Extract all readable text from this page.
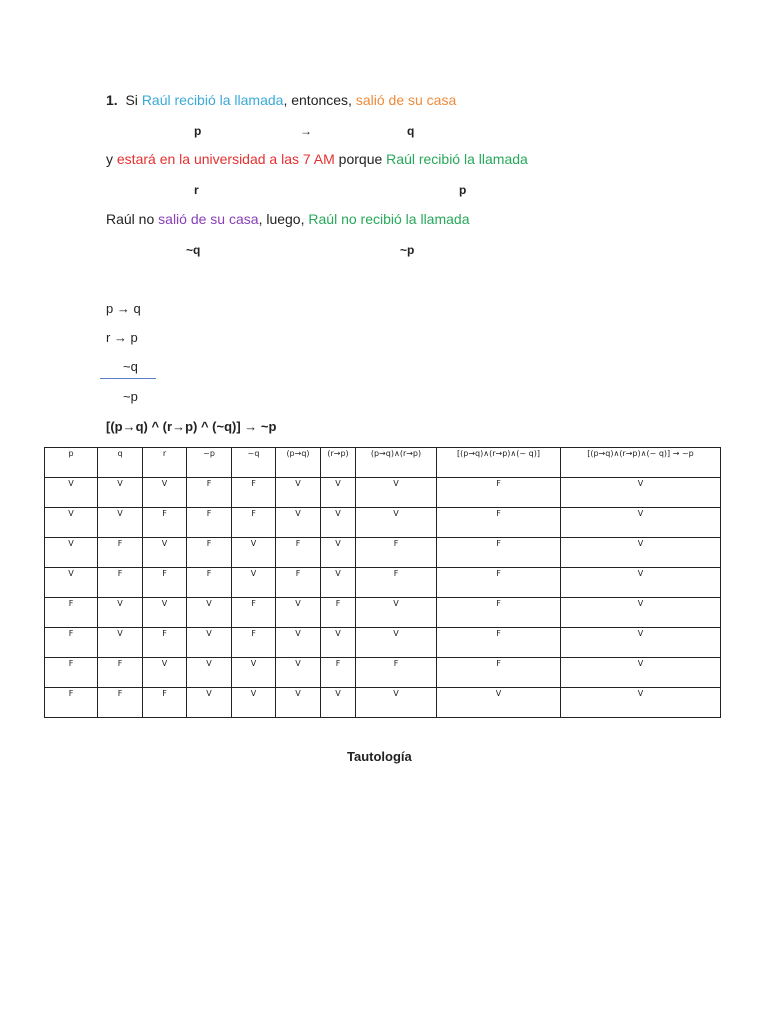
1. Si Raúl recibió la llamada, entonces, salió de su casa
p	→	q
y estará en la universidad a las 7 AM porque Raúl recibió la llamada
r	p
Raúl no salió de su casa, luego, Raúl no recibió la llamada
~q	~p
p → q
r → p
~q
~p
[(p→q) ^ (r→p) ^ (~q)] → ~p
p	q	r	~p	~q	(p→q)	(r→p)	(p→q)∧(r→p)	[(p→q)∧(r→p)∧(~ q)]	[(p→q)∧(r→p)∧(~ q)] → ~p
V	V	V	F	F	V	V	V	F	V
V	V	F	F	F	V	V	V	F	V
V	F	V	F	V	F	V	F	F	V
V	F	F	F	V	F	V	F	F	V
F	V	V	V	F	V	F	V	F	V
F	V	F	V	F	V	V	V	F	V
F	F	V	V	V	V	F	F	F	V
F	F	F	V	V	V	V	V	V	V
Tautología
